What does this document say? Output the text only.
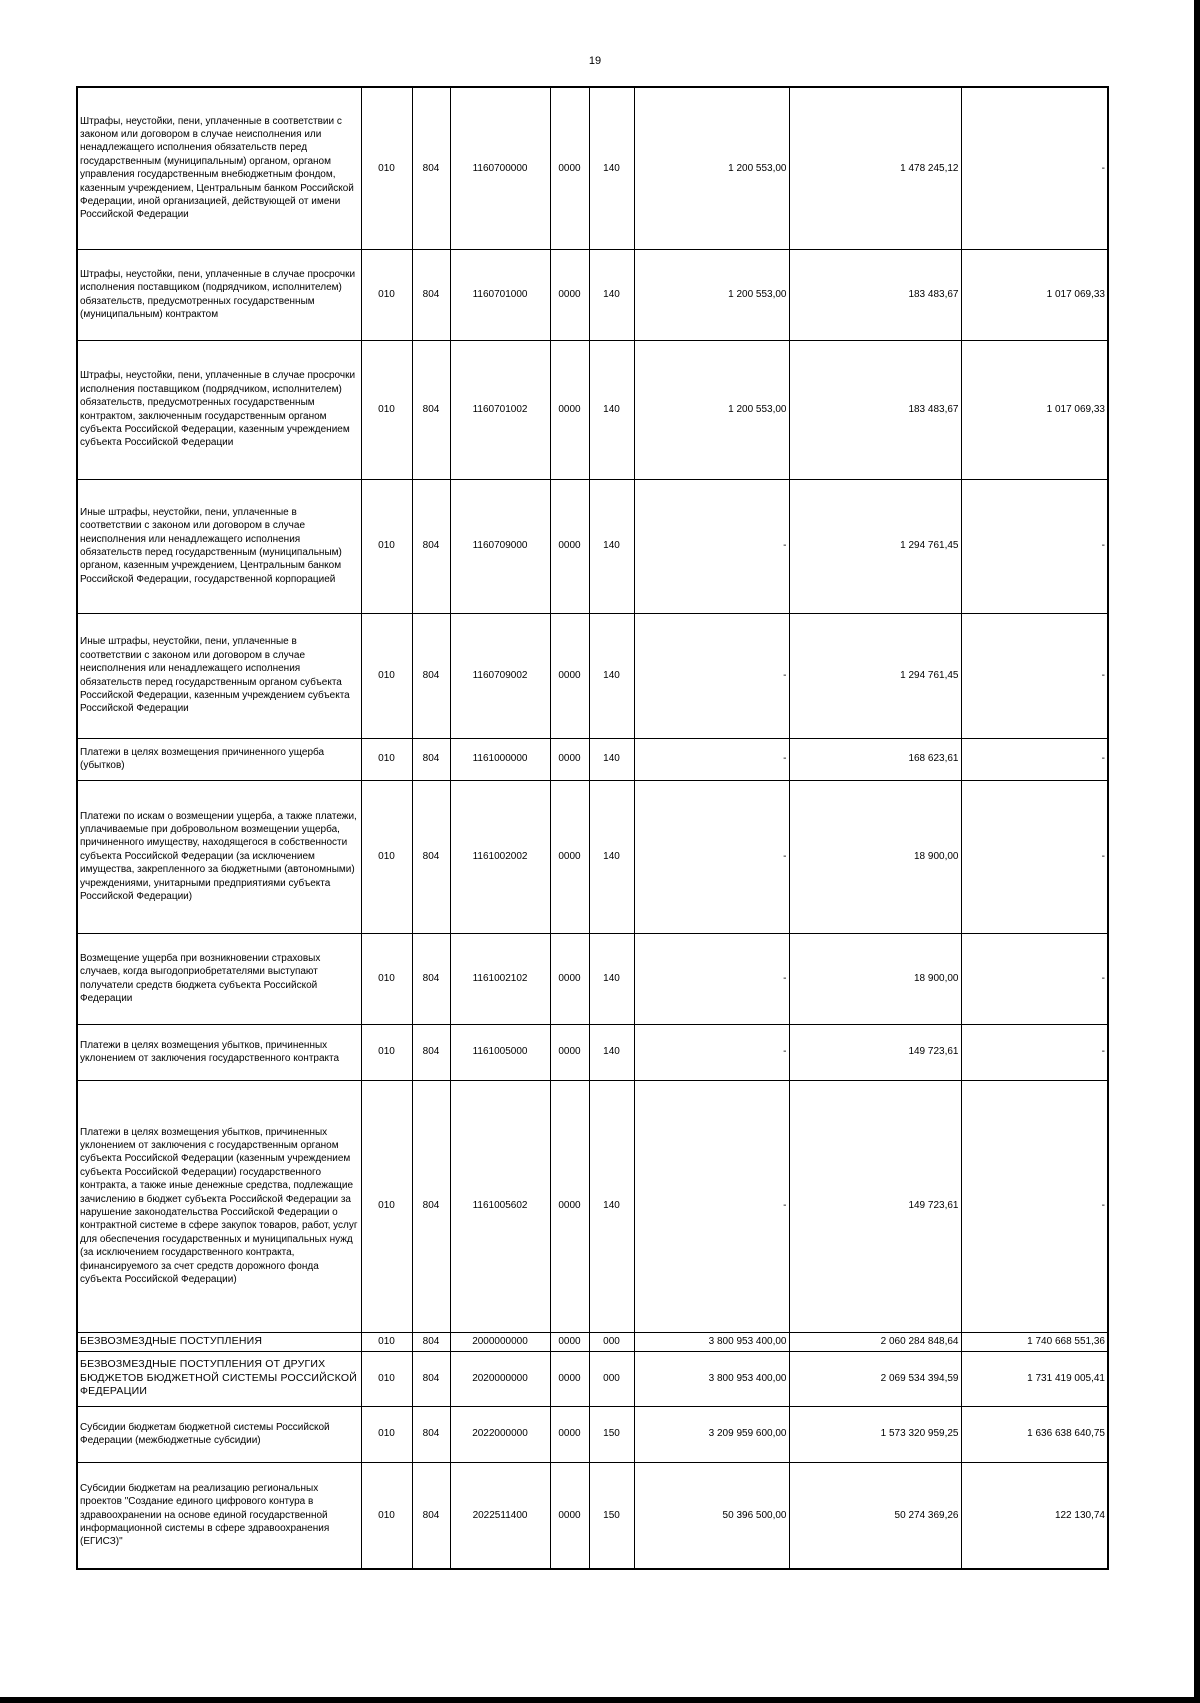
19
Штрафы, неустойки, пени, уплаченные в соответствии с законом или договором в случае неисполнения или ненадлежащего исполнения обязательств перед государственным (муниципальным) органом, органом управления государственным внебюджетным фондом, казенным учреждением, Центральным банком Российской Федерации, иной организацией, действующей от имени Российской Федерации	010	804	1160700000	0000	140	1 200 553,00	1 478 245,12	-
Штрафы, неустойки, пени, уплаченные в случае просрочки исполнения поставщиком (подрядчиком, исполнителем) обязательств, предусмотренных государственным (муниципальным) контрактом	010	804	1160701000	0000	140	1 200 553,00	183 483,67	1 017 069,33
Штрафы, неустойки, пени, уплаченные в случае просрочки исполнения поставщиком (подрядчиком, исполнителем) обязательств, предусмотренных государственным контрактом, заключенным государственным органом субъекта Российской Федерации, казенным учреждением субъекта Российской Федерации	010	804	1160701002	0000	140	1 200 553,00	183 483,67	1 017 069,33
Иные штрафы, неустойки, пени, уплаченные в соответствии с законом или договором в случае неисполнения или ненадлежащего исполнения обязательств перед государственным (муниципальным) органом, казенным учреждением, Центральным банком Российской Федерации, государственной корпорацией	010	804	1160709000	0000	140	-	1 294 761,45	-
Иные штрафы, неустойки, пени, уплаченные в соответствии с законом или договором в случае неисполнения или ненадлежащего исполнения обязательств перед государственным органом субъекта Российской Федерации, казенным учреждением субъекта Российской Федерации	010	804	1160709002	0000	140	-	1 294 761,45	-
Платежи в целях возмещения причиненного ущерба (убытков)	010	804	1161000000	0000	140	-	168 623,61	-
Платежи по искам о возмещении ущерба, а также платежи, уплачиваемые при добровольном возмещении ущерба, причиненного имуществу, находящегося в собственности субъекта Российской Федерации (за исключением имущества, закрепленного за бюджетными (автономными) учреждениями, унитарными предприятиями субъекта Российской Федерации)	010	804	1161002002	0000	140	-	18 900,00	-
Возмещение ущерба при возникновении страховых случаев, когда выгодоприобретателями выступают получатели средств бюджета субъекта Российской Федерации	010	804	1161002102	0000	140	-	18 900,00	-
Платежи в целях возмещения убытков, причиненных уклонением от заключения государственного контракта	010	804	1161005000	0000	140	-	149 723,61	-
Платежи в целях возмещения убытков, причиненных уклонением от заключения с государственным органом субъекта Российской Федерации (казенным учреждением субъекта Российской Федерации) государственного контракта, а также иные денежные средства, подлежащие зачислению в бюджет субъекта Российской Федерации за нарушение законодательства Российской Федерации о контрактной системе в сфере закупок товаров, работ, услуг для обеспечения государственных и муниципальных нужд (за исключением государственного контракта, финансируемого за счет средств дорожного фонда субъекта Российской Федерации)	010	804	1161005602	0000	140	-	149 723,61	-
БЕЗВОЗМЕЗДНЫЕ ПОСТУПЛЕНИЯ	010	804	2000000000	0000	000	3 800 953 400,00	2 060 284 848,64	1 740 668 551,36
БЕЗВОЗМЕЗДНЫЕ ПОСТУПЛЕНИЯ ОТ ДРУГИХ БЮДЖЕТОВ БЮДЖЕТНОЙ СИСТЕМЫ РОССИЙСКОЙ ФЕДЕРАЦИИ	010	804	2020000000	0000	000	3 800 953 400,00	2 069 534 394,59	1 731 419 005,41
Субсидии бюджетам бюджетной системы Российской Федерации (межбюджетные субсидии)	010	804	2022000000	0000	150	3 209 959 600,00	1 573 320 959,25	1 636 638 640,75
Субсидии бюджетам на реализацию региональных проектов "Создание единого цифрового контура в здравоохранении на основе единой государственной информационной системы в сфере здравоохранения (ЕГИСЗ)"	010	804	2022511400	0000	150	50 396 500,00	50 274 369,26	122 130,74
